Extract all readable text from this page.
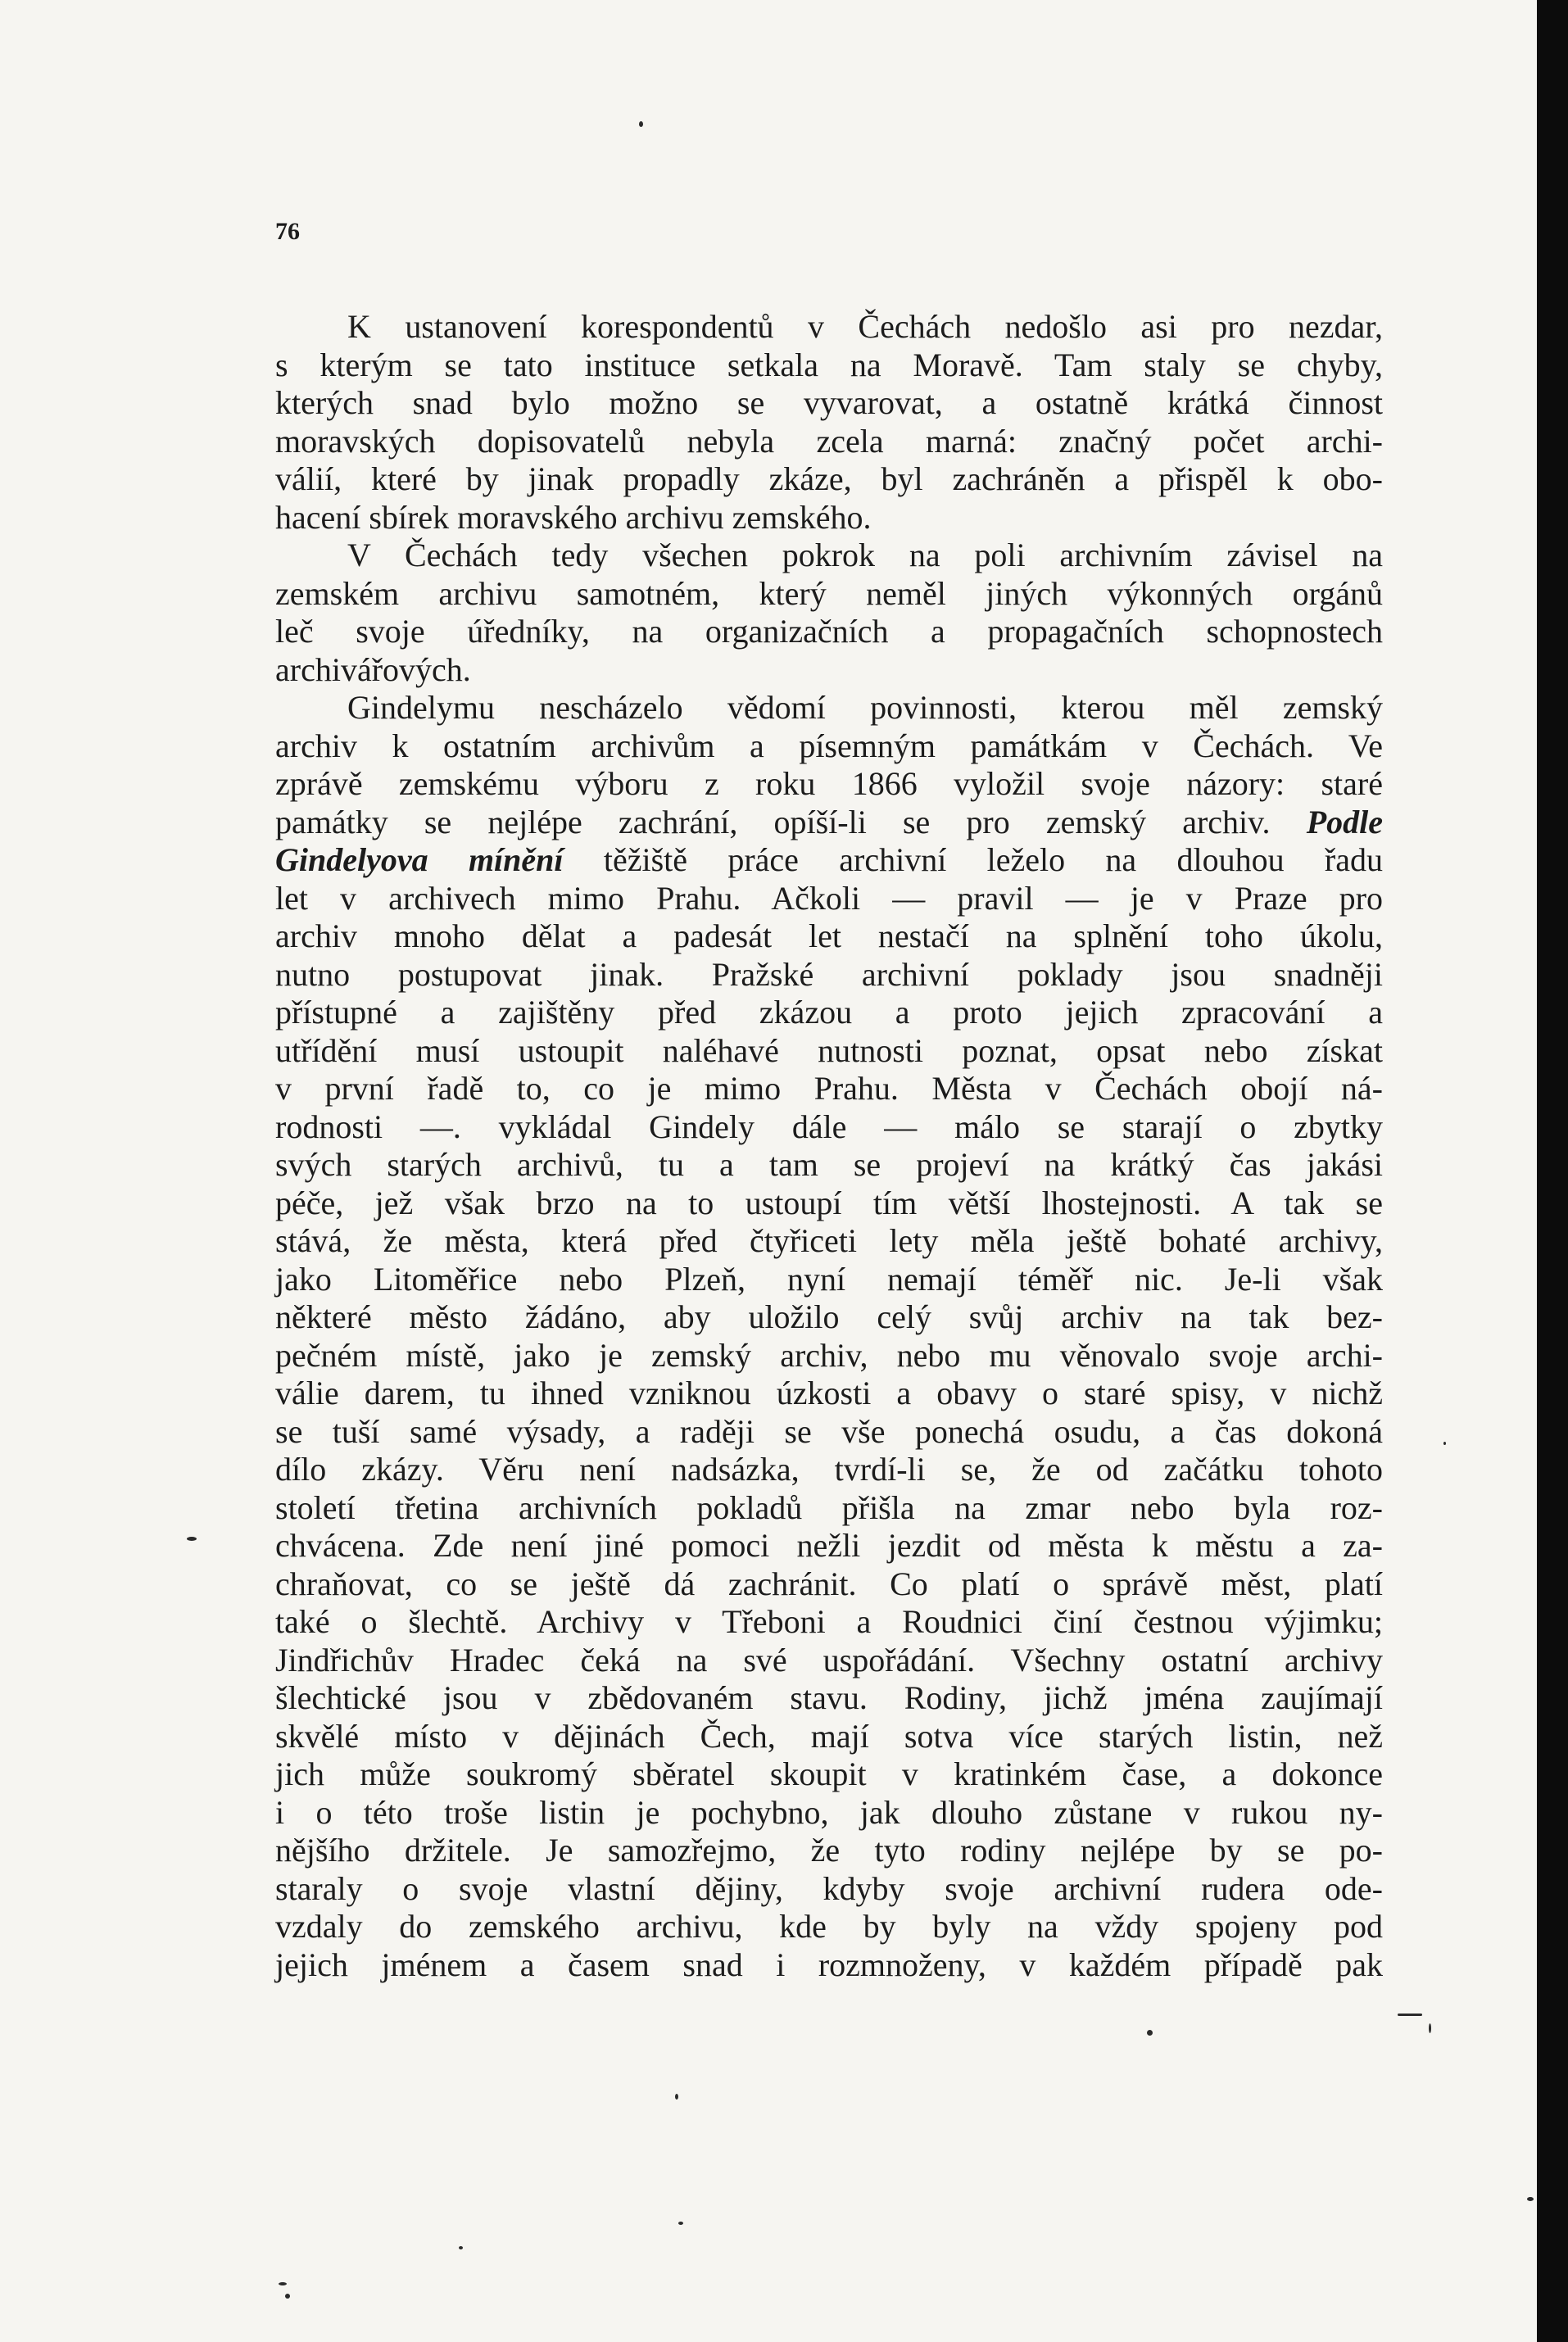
76
K ustanovení korespondentů v Čechách nedošlo asi pro nezdar,
s kterým se tato instituce setkala na Moravě. Tam staly se chyby,
kterých snad bylo možno se vyvarovat, a ostatně krátká činnost
moravských dopisovatelů nebyla zcela marná: značný počet archi-
válií, které by jinak propadly zkáze, byl zachráněn a přispěl k obo-
hacení sbírek moravského archivu zemského.
V Čechách tedy všechen pokrok na poli archivním závisel na
zemském archivu samotném, který neměl jiných výkonných orgánů
leč svoje úředníky, na organizačních a propagačních schopnostech
archivářových.
Gindelymu nescházelo vědomí povinnosti, kterou měl zemský
archiv k ostatním archivům a písemným památkám v Čechách. Ve
zprávě zemskému výboru z roku 1866 vyložil svoje názory: staré
památky se nejlépe zachrání, opíší-li se pro zemský archiv. Podle
Gindelyova mínění těžiště práce archivní leželo na dlouhou řadu
let v archivech mimo Prahu. Ačkoli — pravil — je v Praze pro
archiv mnoho dělat a padesát let nestačí na splnění toho úkolu,
nutno postupovat jinak. Pražské archivní poklady jsou snadněji
přístupné a zajištěny před zkázou a proto jejich zpracování a
utřídění musí ustoupit naléhavé nutnosti poznat, opsat nebo získat
v první řadě to, co je mimo Prahu. Města v Čechách obojí ná-
rodnosti —. vykládal Gindely dále — málo se starají o zbytky
svých starých archivů, tu a tam se projeví na krátký čas jakási
péče, jež však brzo na to ustoupí tím větší lhostejnosti. A tak se
stává, že města, která před čtyřiceti lety měla ještě bohaté archivy,
jako Litoměřice nebo Plzeň, nyní nemají téměř nic. Je-li však
některé město žádáno, aby uložilo celý svůj archiv na tak bez-
pečném místě, jako je zemský archiv, nebo mu věnovalo svoje archi-
válie darem, tu ihned vzniknou úzkosti a obavy o staré spisy, v nichž
se tuší samé výsady, a raději se vše ponechá osudu, a čas dokoná
dílo zkázy. Věru není nadsázka, tvrdí-li se, že od začátku tohoto
století třetina archivních pokladů přišla na zmar nebo byla roz-
chvácena. Zde není jiné pomoci nežli jezdit od města k městu a za-
chraňovat, co se ještě dá zachránit. Co platí o správě měst, platí
také o šlechtě. Archivy v Třeboni a Roudnici činí čestnou výjimku;
Jindřichův Hradec čeká na své uspořádání. Všechny ostatní archivy
šlechtické jsou v zbědovaném stavu. Rodiny, jichž jména zaujímají
skvělé místo v dějinách Čech, mají sotva více starých listin, než
jich může soukromý sběratel skoupit v kratinkém čase, a dokonce
i o této troše listin je pochybno, jak dlouho zůstane v rukou ny-
nějšího držitele. Je samozřejmo, že tyto rodiny nejlépe by se po-
staraly o svoje vlastní dějiny, kdyby svoje archivní rudera ode-
vzdaly do zemského archivu, kde by byly na vždy spojeny pod
jejich jménem a časem snad i rozmnoženy, v každém případě pak
